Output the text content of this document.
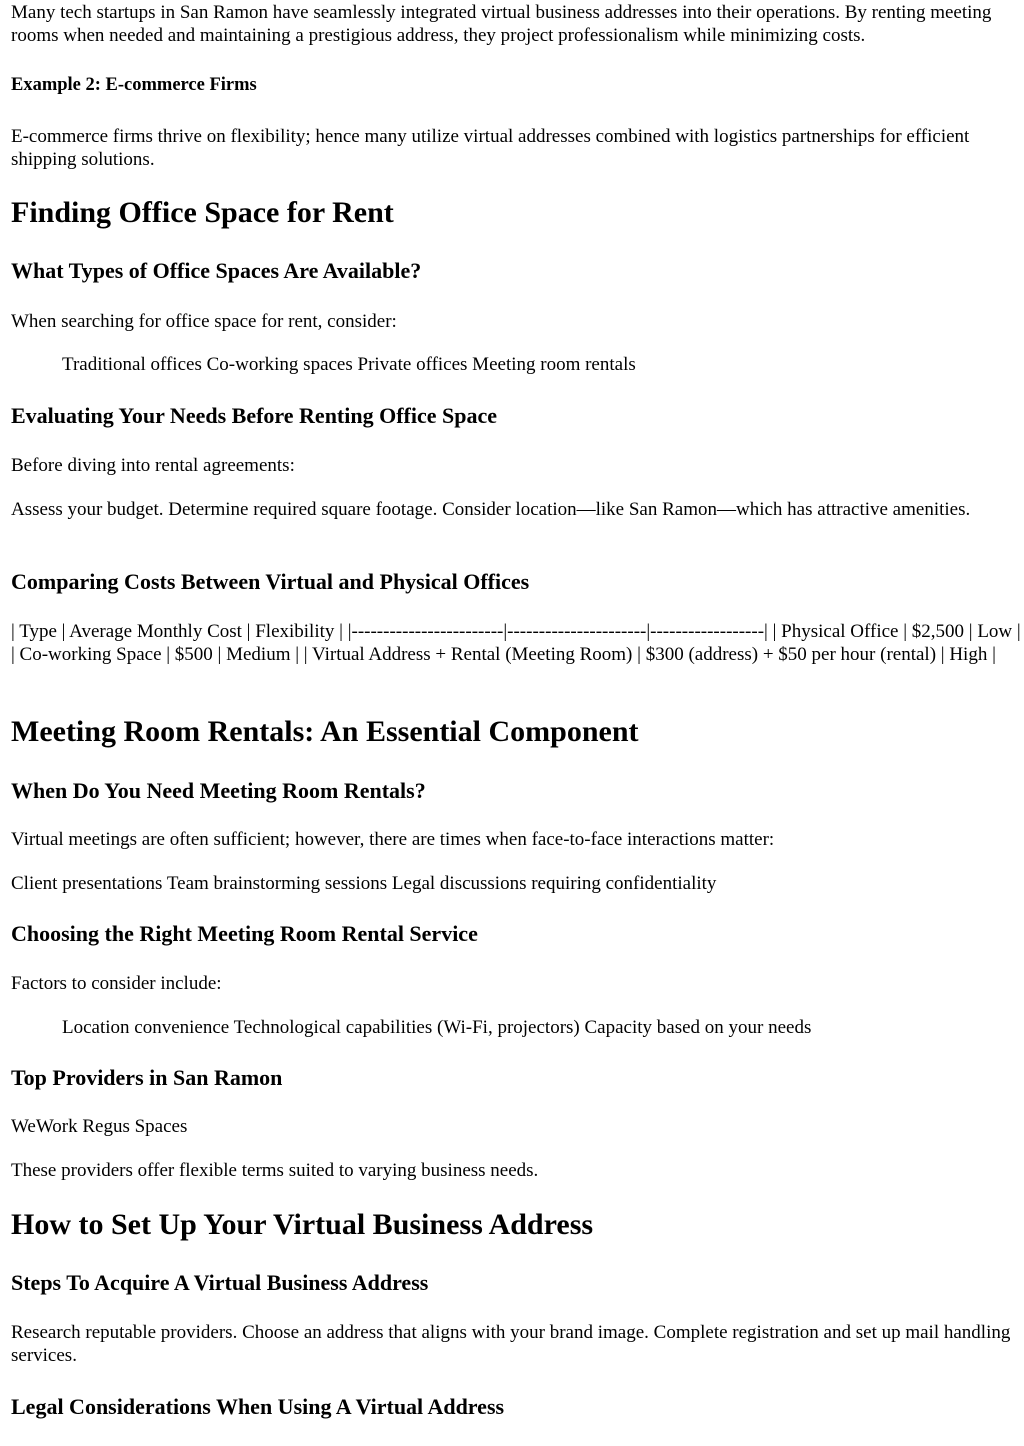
Many tech startups in San Ramon have seamlessly integrated virtual business addresses into their operations. By renting meeting rooms when needed and maintaining a prestigious address, they project professionalism while minimizing costs.

Example 2: E-commerce Firms

E-commerce firms thrive on flexibility; hence many utilize virtual addresses combined with logistics partnerships for efficient shipping solutions.

Finding Office Space for Rent
What Types of Office Spaces Are Available?

When searching for office space for rent, consider:

Traditional offices Co-working spaces Private offices Meeting room rentals

Evaluating Your Needs Before Renting Office Space

Before diving into rental agreements:

Assess your budget. Determine required square footage. Consider location—like San Ramon—which has attractive amenities.

Comparing Costs Between Virtual and Physical Offices

| Type | Average Monthly Cost | Flexibility | |------------------------|----------------------|------------------| | Physical Office | $2,500 | Low | | Co-working Space | $500 | Medium | | Virtual Address + Rental (Meeting Room) | $300 (address) + $50 per hour (rental) | High |

Meeting Room Rentals: An Essential Component
When Do You Need Meeting Room Rentals?

Virtual meetings are often sufficient; however, there are times when face-to-face interactions matter:

Client presentations Team brainstorming sessions Legal discussions requiring confidentiality

Choosing the Right Meeting Room Rental Service

Factors to consider include:

Location convenience Technological capabilities (Wi-Fi, projectors) Capacity based on your needs

Top Providers in San Ramon

WeWork Regus Spaces

These providers offer flexible terms suited to varying business needs.

How to Set Up Your Virtual Business Address
Steps To Acquire A Virtual Business Address

Research reputable providers. Choose an address that aligns with your brand image. Complete registration and set up mail handling services.

Legal Considerations When Using A Virtual Address
